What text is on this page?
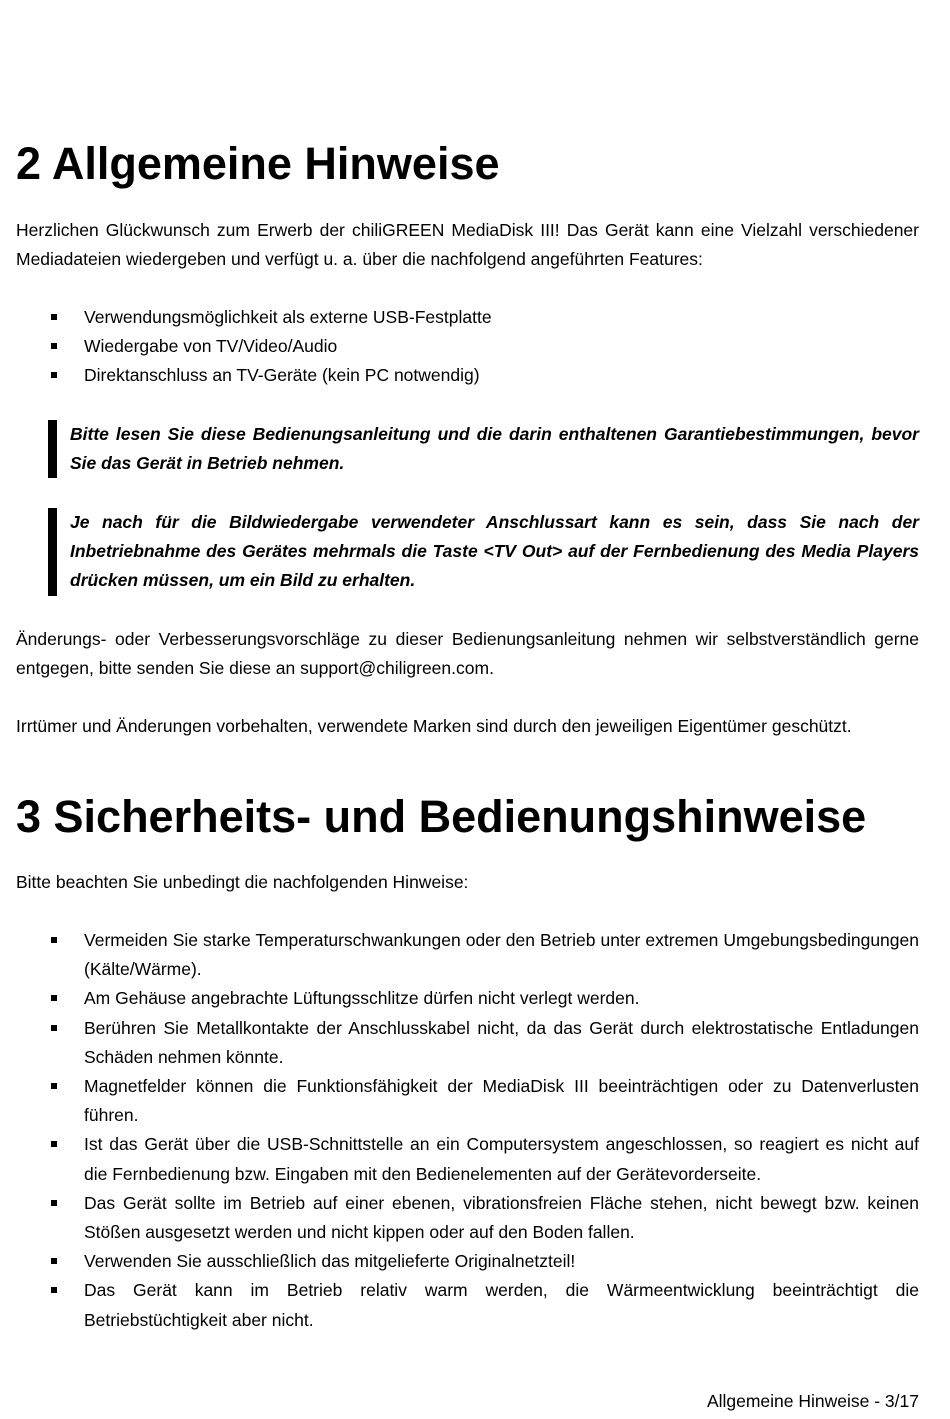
2 Allgemeine Hinweise

Herzlichen Glückwunsch zum Erwerb der chiliGREEN MediaDisk III! Das Gerät kann eine Vielzahl verschiedener Mediadateien wiedergeben und verfügt u. a. über die nachfolgend angeführten Features:

Verwendungsmöglichkeit als externe USB-Festplatte
Wiedergabe von TV/Video/Audio
Direktanschluss an TV-Geräte (kein PC notwendig)

Bitte lesen Sie diese Bedienungsanleitung und die darin enthaltenen Garantiebestimmungen, bevor Sie das Gerät in Betrieb nehmen.

Je nach für die Bildwiedergabe verwendeter Anschlussart kann es sein, dass Sie nach der Inbetriebnahme des Gerätes mehrmals die Taste <TV Out> auf der Fernbedienung des Media Players drücken müssen, um ein Bild zu erhalten.

Änderungs- oder Verbesserungsvorschläge zu dieser Bedienungsanleitung nehmen wir selbstverständlich gerne entgegen, bitte senden Sie diese an support@chiligreen.com.

Irrtümer und Änderungen vorbehalten, verwendete Marken sind durch den jeweiligen Eigentümer geschützt.

3 Sicherheits- und Bedienungshinweise

Bitte beachten Sie unbedingt die nachfolgenden Hinweise:

Vermeiden Sie starke Temperaturschwankungen oder den Betrieb unter extremen Umgebungsbedingungen (Kälte/Wärme).
Am Gehäuse angebrachte Lüftungsschlitze dürfen nicht verlegt werden.
Berühren Sie Metallkontakte der Anschlusskabel nicht, da das Gerät durch elektrostatische Entladungen Schäden nehmen könnte.
Magnetfelder können die Funktionsfähigkeit der MediaDisk III beeinträchtigen oder zu Datenverlusten führen.
Ist das Gerät über die USB-Schnittstelle an ein Computersystem angeschlossen, so reagiert es nicht auf die Fernbedienung bzw. Eingaben mit den Bedienelementen auf der Gerätevorderseite.
Das Gerät sollte im Betrieb auf einer ebenen, vibrationsfreien Fläche stehen, nicht bewegt bzw. keinen Stößen ausgesetzt werden und nicht kippen oder auf den Boden fallen.
Verwenden Sie ausschließlich das mitgelieferte Originalnetzteil!
Das Gerät kann im Betrieb relativ warm werden, die Wärmeentwicklung beeinträchtigt die Betriebstüchtigkeit aber nicht.
Allgemeine Hinweise - 3/17
